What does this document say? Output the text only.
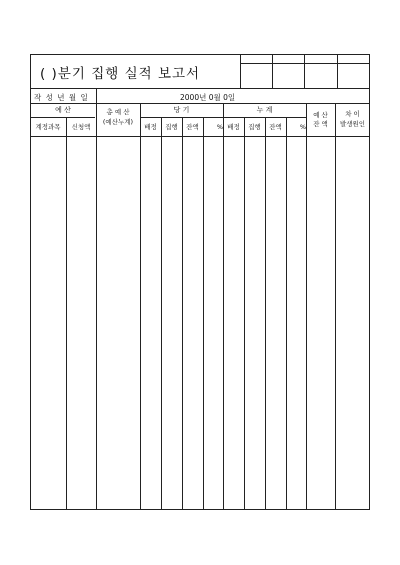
( )분기 집행 실적 보고서
작 성 년 월 일	2000년 0월 0일
예 산
계정과목	신청액
총 예 산
(예산누계)
당 기
배정	집행	잔액	%
누 계
배정	집행	잔액	%
예 산
잔 액
차 이
발생원인
